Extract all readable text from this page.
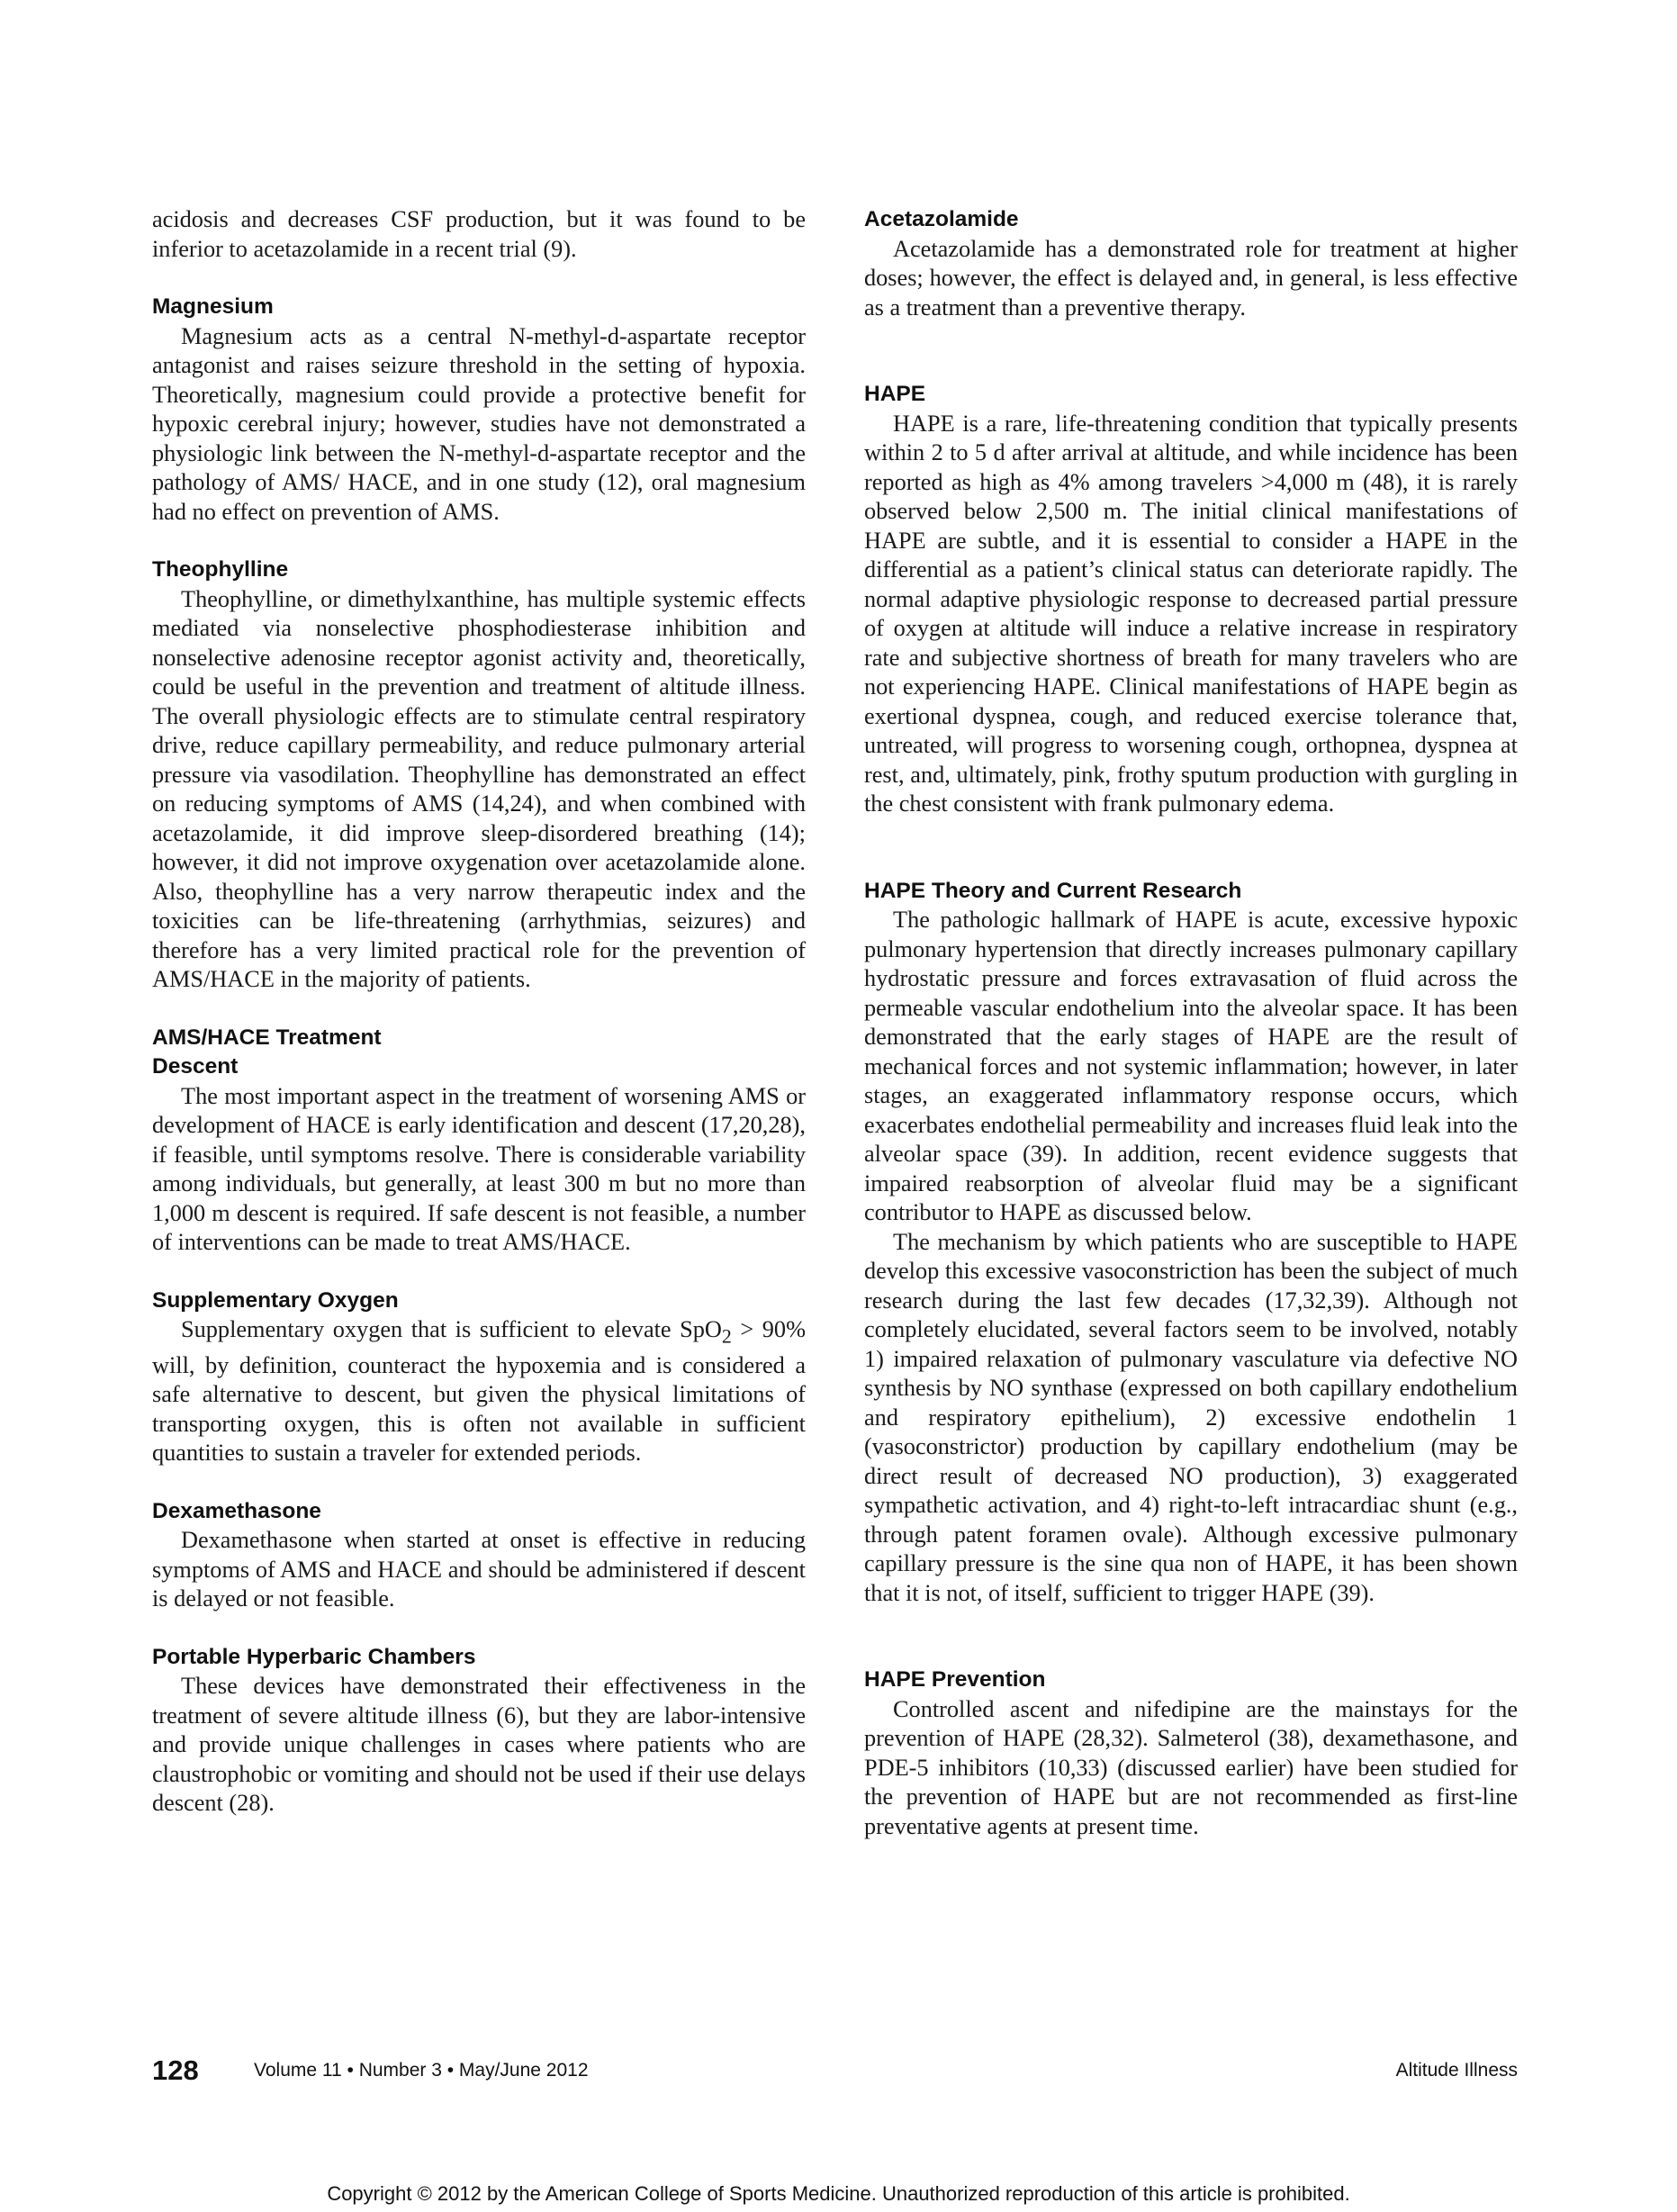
acidosis and decreases CSF production, but it was found to be inferior to acetazolamide in a recent trial (9).

Magnesium

Magnesium acts as a central N-methyl-d-aspartate receptor antagonist and raises seizure threshold in the setting of hypoxia. Theoretically, magnesium could provide a protective benefit for hypoxic cerebral injury; however, studies have not demonstrated a physiologic link between the N-methyl-d-aspartate receptor and the pathology of AMS/ HACE, and in one study (12), oral magnesium had no effect on prevention of AMS.

Theophylline

Theophylline, or dimethylxanthine, has multiple systemic effects mediated via nonselective phosphodiesterase inhibition and nonselective adenosine receptor agonist activity and, theoretically, could be useful in the prevention and treatment of altitude illness. The overall physiologic effects are to stimulate central respiratory drive, reduce capillary permeability, and reduce pulmonary arterial pressure via vasodilation. Theophylline has demonstrated an effect on reducing symptoms of AMS (14,24), and when combined with acetazolamide, it did improve sleep-disordered breathing (14); however, it did not improve oxygenation over acetazolamide alone. Also, theophylline has a very narrow therapeutic index and the toxicities can be life-threatening (arrhythmias, seizures) and therefore has a very limited practical role for the prevention of AMS/HACE in the majority of patients.

AMS/HACE Treatment
Descent

The most important aspect in the treatment of worsening AMS or development of HACE is early identification and descent (17,20,28), if feasible, until symptoms resolve. There is considerable variability among individuals, but generally, at least 300 m but no more than 1,000 m descent is required. If safe descent is not feasible, a number of interventions can be made to treat AMS/HACE.

Supplementary Oxygen

Supplementary oxygen that is sufficient to elevate SpO$_2$ > 90% will, by definition, counteract the hypoxemia and is considered a safe alternative to descent, but given the physical limitations of transporting oxygen, this is often not available in sufficient quantities to sustain a traveler for extended periods.

Dexamethasone

Dexamethasone when started at onset is effective in reducing symptoms of AMS and HACE and should be administered if descent is delayed or not feasible.

Portable Hyperbaric Chambers

These devices have demonstrated their effectiveness in the treatment of severe altitude illness (6), but they are labor-intensive and provide unique challenges in cases where patients who are claustrophobic or vomiting and should not be used if their use delays descent (28).

Acetazolamide

Acetazolamide has a demonstrated role for treatment at higher doses; however, the effect is delayed and, in general, is less effective as a treatment than a preventive therapy.

HAPE

HAPE is a rare, life-threatening condition that typically presents within 2 to 5 d after arrival at altitude, and while incidence has been reported as high as 4% among travelers >4,000 m (48), it is rarely observed below 2,500 m. The initial clinical manifestations of HAPE are subtle, and it is essential to consider a HAPE in the differential as a patient’s clinical status can deteriorate rapidly. The normal adaptive physiologic response to decreased partial pressure of oxygen at altitude will induce a relative increase in respiratory rate and subjective shortness of breath for many travelers who are not experiencing HAPE. Clinical manifestations of HAPE begin as exertional dyspnea, cough, and reduced exercise tolerance that, untreated, will progress to worsening cough, orthopnea, dyspnea at rest, and, ultimately, pink, frothy sputum production with gurgling in the chest consistent with frank pulmonary edema.

HAPE Theory and Current Research

The pathologic hallmark of HAPE is acute, excessive hypoxic pulmonary hypertension that directly increases pulmonary capillary hydrostatic pressure and forces extravasation of fluid across the permeable vascular endothelium into the alveolar space. It has been demonstrated that the early stages of HAPE are the result of mechanical forces and not systemic inflammation; however, in later stages, an exaggerated inflammatory response occurs, which exacerbates endothelial permeability and increases fluid leak into the alveolar space (39). In addition, recent evidence suggests that impaired reabsorption of alveolar fluid may be a significant contributor to HAPE as discussed below.

The mechanism by which patients who are susceptible to HAPE develop this excessive vasoconstriction has been the subject of much research during the last few decades (17,32,39). Although not completely elucidated, several factors seem to be involved, notably 1) impaired relaxation of pulmonary vasculature via defective NO synthesis by NO synthase (expressed on both capillary endothelium and respiratory epithelium), 2) excessive endothelin 1 (vasoconstrictor) production by capillary endothelium (may be direct result of decreased NO production), 3) exaggerated sympathetic activation, and 4) right-to-left intracardiac shunt (e.g., through patent foramen ovale). Although excessive pulmonary capillary pressure is the sine qua non of HAPE, it has been shown that it is not, of itself, sufficient to trigger HAPE (39).

HAPE Prevention

Controlled ascent and nifedipine are the mainstays for the prevention of HAPE (28,32). Salmeterol (38), dexamethasone, and PDE-5 inhibitors (10,33) (discussed earlier) have been studied for the prevention of HAPE but are not recommended as first-line preventative agents at present time.

128	Volume 11 • Number 3 • May/June 2012	Altitude Illness
Copyright © 2012 by the American College of Sports Medicine. Unauthorized reproduction of this article is prohibited.
